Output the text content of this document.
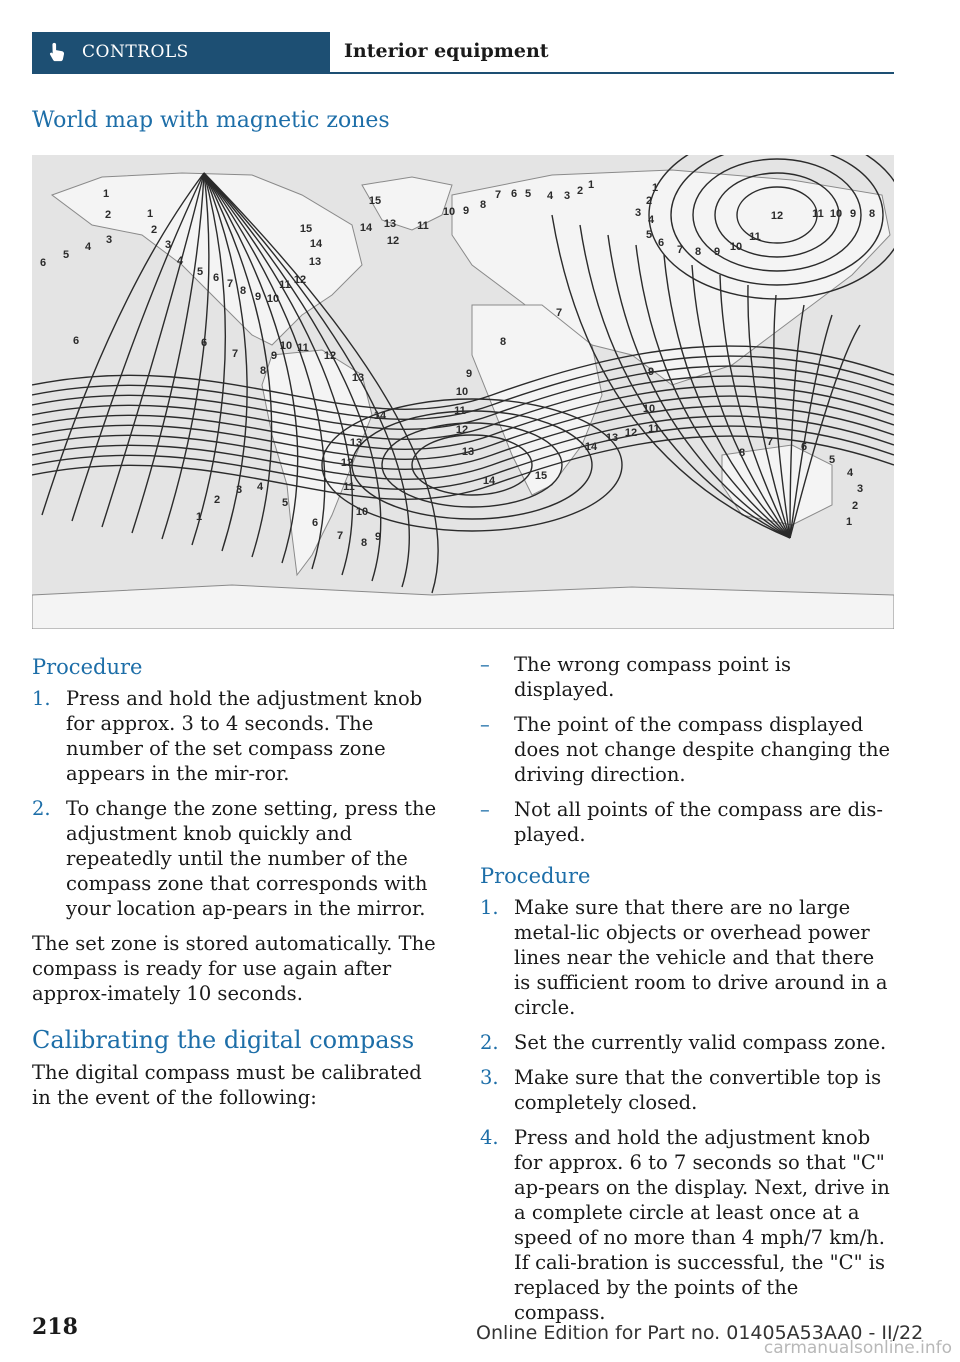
CONTROLS	Interior equipment
World map with magnetic zones
1
2	1
3
2
3
4
5
6	4
5 6 7
8 9 10
11 12
13
14
15
15
14 13
12
11
10 9 8
7 6 5 4 3 2 1	1
2
3
4
5
6
7 8 9 10
11
12	11 10 9 8
6	6
7
8
9
10 11
12
13
14
13
12
11
10
9
8
7
6
5
4
3
2
1
7
8
9
10
11
12
13
14	15
9
10
11
12
13
14	8
7	6
5
4
3
2
1
Procedure
1. Press and hold the adjustment knob for approx. 3 to 4 seconds. The number of the set compass zone appears in the mir‐ror.
2. To change the zone setting, press the adjustment knob quickly and repeatedly until the number of the compass zone that corresponds with your location ap‐pears in the mirror.

The set zone is stored automatically. The compass is ready for use again after approx‐imately 10 seconds.

Calibrating the digital compass

The digital compass must be calibrated in the event of the following:

– The wrong compass point is displayed.
– The point of the compass displayed does not change despite changing the driving direction.
– Not all points of the compass are dis‐played.
Procedure
1. Make sure that there are no large metal‐lic objects or overhead power lines near the vehicle and that there is sufficient room to drive around in a circle.
2. Set the currently valid compass zone.
3. Make sure that the convertible top is completely closed.
4. Press and hold the adjustment knob for approx. 6 to 7 seconds so that "C" ap‐pears on the display. Next, drive in a complete circle at least once at a speed of no more than 4 mph/7 km/h. If cali‐bration is successful, the "C" is replaced by the points of the compass.
218	Online Edition for Part no. 01405A53AA0 - II/22
carmanualsonline.info
